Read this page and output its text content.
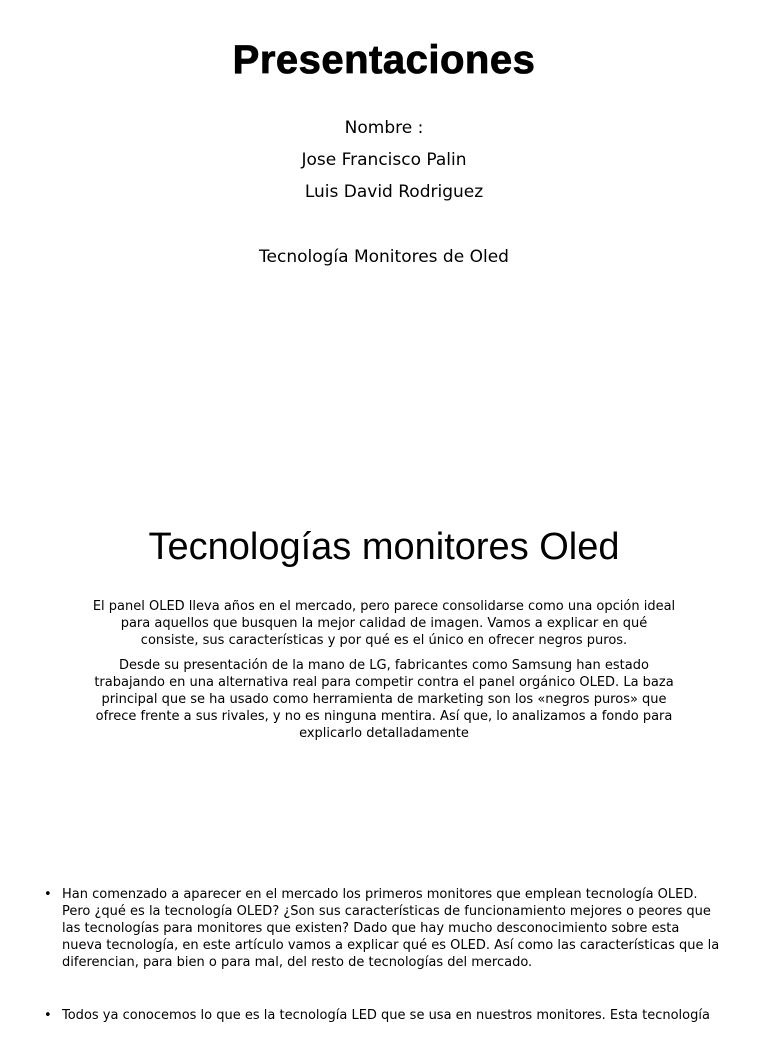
Presentaciones
Nombre :
Jose Francisco Palin
Luis David Rodriguez
Tecnología Monitores de Oled
Tecnologías monitores Oled
El panel OLED lleva años en el mercado, pero parece consolidarse como una opción ideal para aquellos que busquen la mejor calidad de imagen. Vamos a explicar en qué consiste, sus características y por qué es el único en ofrecer negros puros.
Desde su presentación de la mano de LG, fabricantes como Samsung han estado trabajando en una alternativa real para competir contra el panel orgánico OLED. La baza principal que se ha usado como herramienta de marketing son los «negros puros» que ofrece frente a sus rivales, y no es ninguna mentira. Así que, lo analizamos a fondo para explicarlo detalladamente
• Han comenzado a aparecer en el mercado los primeros monitores que emplean tecnología OLED. Pero ¿qué es la tecnología OLED? ¿Son sus características de funcionamiento mejores o peores que las tecnologías para monitores que existen? Dado que hay mucho desconocimiento sobre esta nueva tecnología, en este artículo vamos a explicar qué es OLED. Así como las características que la diferencian, para bien o para mal, del resto de tecnologías del mercado.
• Todos ya conocemos lo que es la tecnología LED que se usa en nuestros monitores. Esta tecnología
